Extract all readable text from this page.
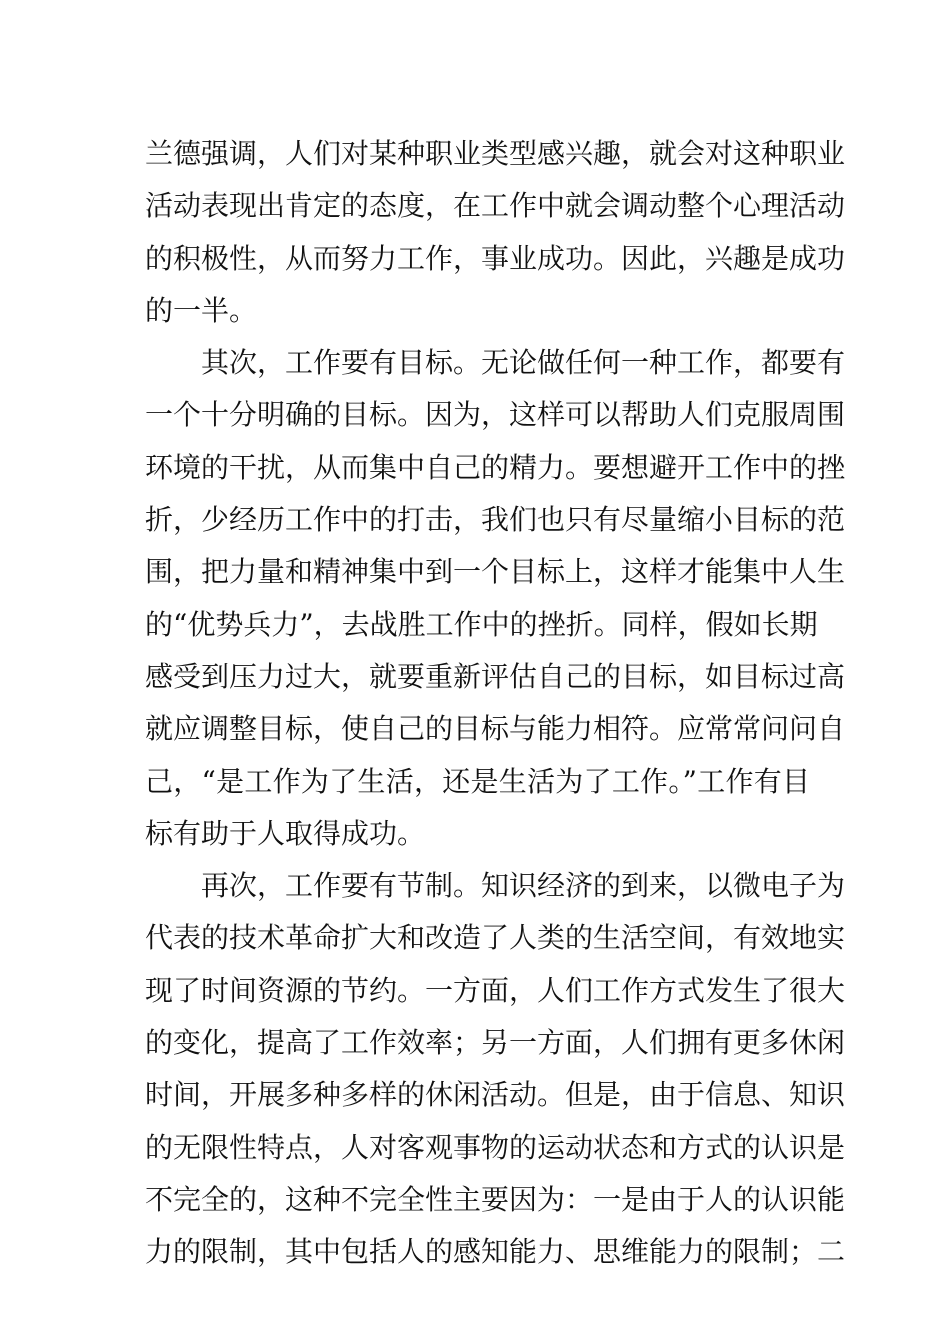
兰德强调，人们对某种职业类型感兴趣，就会对这种职业
活动表现出肯定的态度，在工作中就会调动整个心理活动
的积极性，从而努力工作，事业成功。因此，兴趣是成功
的一半。
其次，工作要有目标。无论做任何一种工作，都要有
一个十分明确的目标。因为，这样可以帮助人们克服周围
环境的干扰，从而集中自己的精力。要想避开工作中的挫
折，少经历工作中的打击，我们也只有尽量缩小目标的范
围，把力量和精神集中到一个目标上，这样才能集中人生
的“优势兵力”，去战胜工作中的挫折。同样，假如长期
感受到压力过大，就要重新评估自己的目标，如目标过高
就应调整目标，使自己的目标与能力相符。应常常问问自
己，“是工作为了生活，还是生活为了工作。”工作有目
标有助于人取得成功。
再次，工作要有节制。知识经济的到来，以微电子为
代表的技术革命扩大和改造了人类的生活空间，有效地实
现了时间资源的节约。一方面，人们工作方式发生了很大
的变化，提高了工作效率；另一方面，人们拥有更多休闲
时间，开展多种多样的休闲活动。但是，由于信息、知识
的无限性特点，人对客观事物的运动状态和方式的认识是
不完全的，这种不完全性主要因为：一是由于人的认识能
力的限制，其中包括人的感知能力、思维能力的限制；二
